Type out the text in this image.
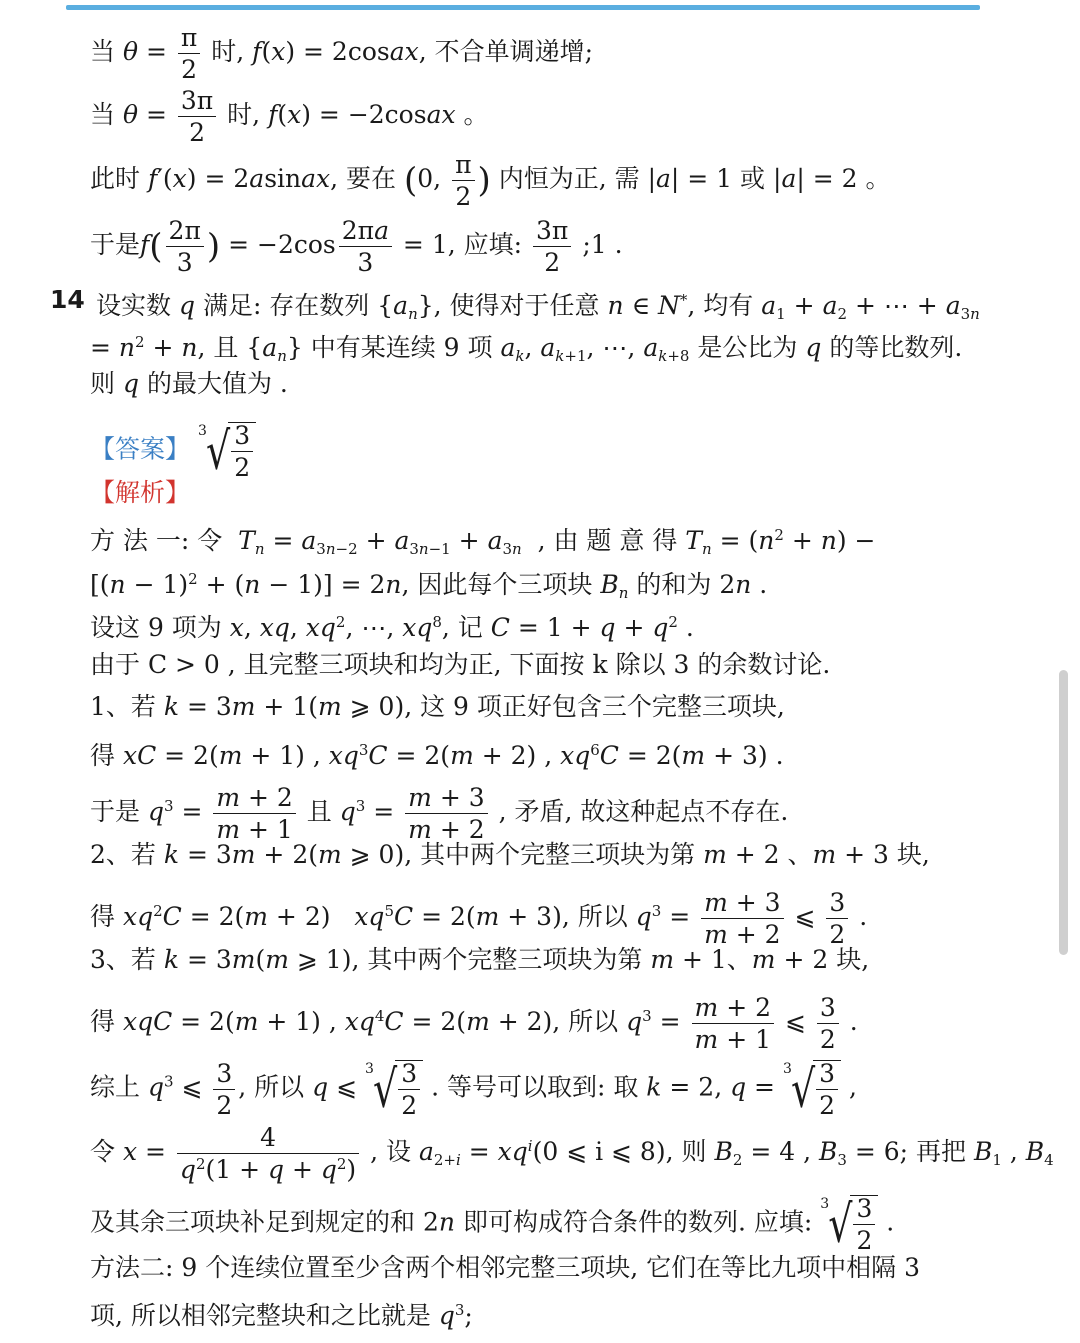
当 $\theta = \frac{\pi}{2}$ 时, f(x) = 2cosax, 不合单调递增;
当 $\theta = \frac{3\pi}{2}$ 时, f(x) = −2cosax 。
此时 f′(x) = 2asinax, 要在 (0, $\frac{\pi}{2}$ ) 内恒为正, 需 |a| = 1 或 |a| = 2 。
于是$f( \frac{2\pi}{3}$ ) = $-2\cos \frac{2\pi a}{3} = 1$, 应填: $\frac{3\pi}{2}$ ;1 .
14 设实数 q 满足: 存在数列 $\{a_n\}$, 使得对于任意 n ∈ N*, 均有 $a_1 + a_2$ + ⋯ + $a_{3n}$
= $n^2 + n$, 且 $\{a_n\}$ 中有某连续 9 项 $a_k$, $a_{k+1}$, ⋯, $a_{k+8}$ 是公比为 q 的等比数列.
则 q 的最大值为 .
【答案】
3 √ $\frac{3}{2}$
【解析】
方 法 一: 令 $T_n = a_{3n-2} + a_{3n-1} + a_{3n}$ , 由 题 意 得 $T_n = (n^2 + n)$ −
$[(n - 1)^2 + (n - 1)] = 2n$, 因此每个三项块 $B_n$ 的和为 2n .
设这 9 项为 x, xq, $xq^2$, ⋯, $xq^8$, 记 $C = 1 + q + q^2$ .
由于 C > 0 , 且完整三项块和均为正, 下面按 k 除以 3 的余数讨论.
1、若 k = 3m + 1(m ⩾ 0), 这 9 项正好包含三个完整三项块,
得 xC = 2(m + 1) , $xq^3C = 2(m + 2)$ , $xq^6C = 2(m + 3)$ .
于是 $q^3 = \frac{m + 2}{m + 1}$ 且 $q^3 = \frac{m + 3}{m + 2}$ , 矛盾, 故这种起点不存在.
2、若 k = 3m + 2(m ⩾ 0), 其中两个完整三项块为第 m + 2 、m + 3 块,
得 $xq^2C = 2(m + 2) xq^5C = 2(m + 3)$, 所以 $q^3 = \frac{m + 3}{m + 2}$ ⩽ $\frac{3}{2}$ .
3、若 k = 3m(m ⩾ 1), 其中两个完整三项块为第 m + 1、m + 2 块,
得 xqC = 2(m + 1) , $xq^4C = 2(m + 2)$, 所以 $q^3 = \frac{m + 2}{m + 1}$ ⩽ $\frac{3}{2}$ .
综上 $q^3$ ⩽ $\frac{3}{2}$ , 所以 q ⩽
3 √ $\frac{3}{2}$ . 等号可以取到: 取 k = 2, q =
3 √ $\frac{3}{2}$ ,
令 $x = \frac{4}{q^2(1 + q + q^2)}$ , 设 $a_{2+i} = xq^i(0$ ⩽ i ⩽ 8), 则 $B_2 = 4$ , $B_3 = 6$; 再把 $B_1$ , $B_4$
及其余三项块补足到规定的和 2n 即可构成符合条件的数列. 应填:
3 √ $\frac{3}{2}$ .
方法二: 9 个连续位置至少含两个相邻完整三项块, 它们在等比九项中相隔 3
项, 所以相邻完整块和之比就是 $q^3$;
